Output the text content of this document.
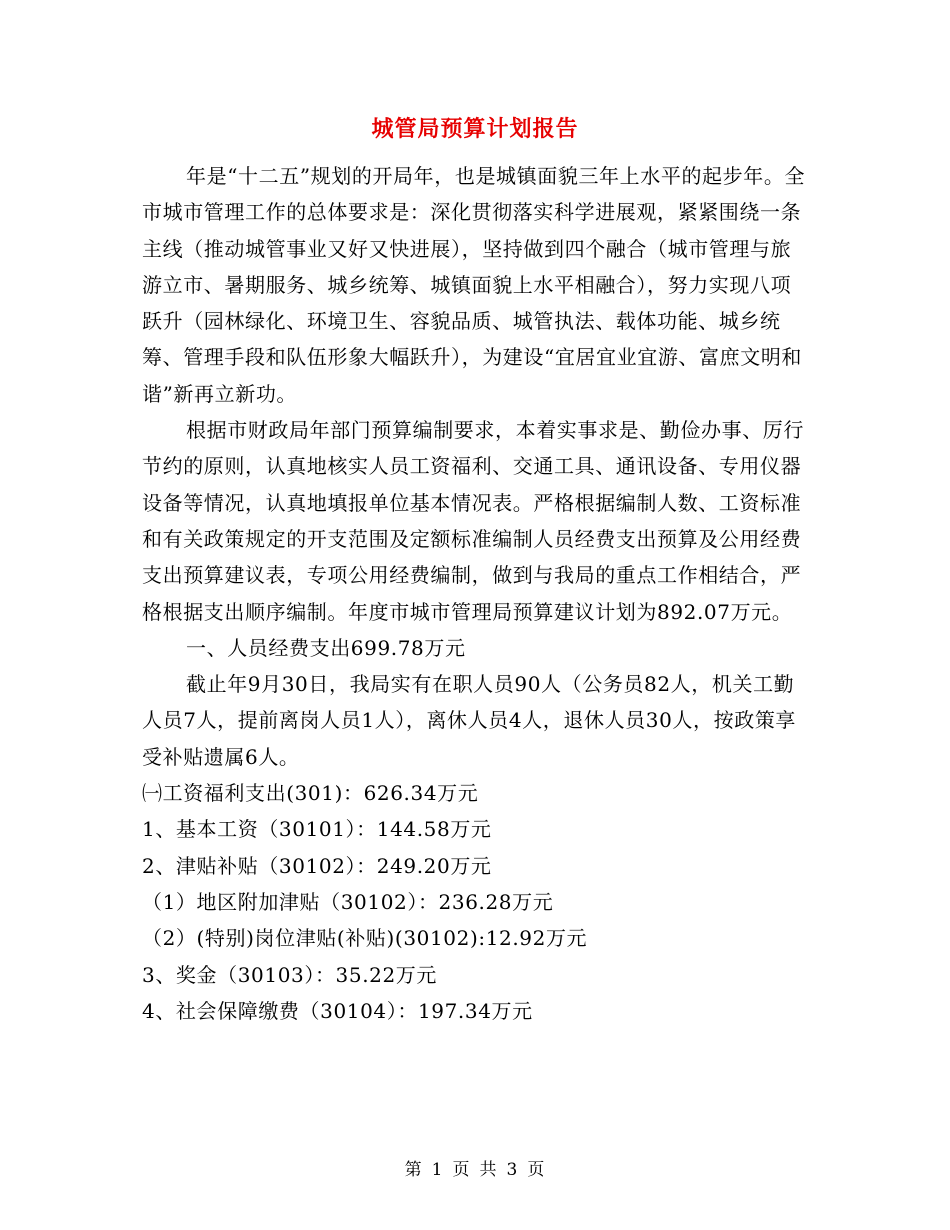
城管局预算计划报告

年是“十二五”规划的开局年，也是城镇面貌三年上水平的起步年。全市城市管理工作的总体要求是：深化贯彻落实科学进展观，紧紧围绕一条主线（推动城管事业又好又快进展），坚持做到四个融合（城市管理与旅游立市、暑期服务、城乡统筹、城镇面貌上水平相融合），努力实现八项跃升（园林绿化、环境卫生、容貌品质、城管执法、载体功能、城乡统筹、管理手段和队伍形象大幅跃升），为建设“宜居宜业宜游、富庶文明和谐”新再立新功。

根据市财政局年部门预算编制要求，本着实事求是、勤俭办事、厉行节约的原则，认真地核实人员工资福利、交通工具、通讯设备、专用仪器设备等情况，认真地填报单位基本情况表。严格根据编制人数、工资标准和有关政策规定的开支范围及定额标准编制人员经费支出预算及公用经费支出预算建议表，专项公用经费编制，做到与我局的重点工作相结合，严格根据支出顺序编制。年度市城市管理局预算建议计划为892.07万元。

一、人员经费支出699.78万元

截止年9月30日，我局实有在职人员90人（公务员82人，机关工勤人员7人，提前离岗人员1人），离休人员4人，退休人员30人，按政策享受补贴遗属6人。

㈠工资福利支出(301)：626.34万元

1、基本工资（30101）：144.58万元

2、津贴补贴（30102）：249.20万元

（1）地区附加津贴（30102）：236.28万元

（2）(特别)岗位津贴(补贴)(30102):12.92万元

3、奖金（30103）：35.22万元

4、社会保障缴费（30104）：197.34万元

第 1 页 共 3 页
